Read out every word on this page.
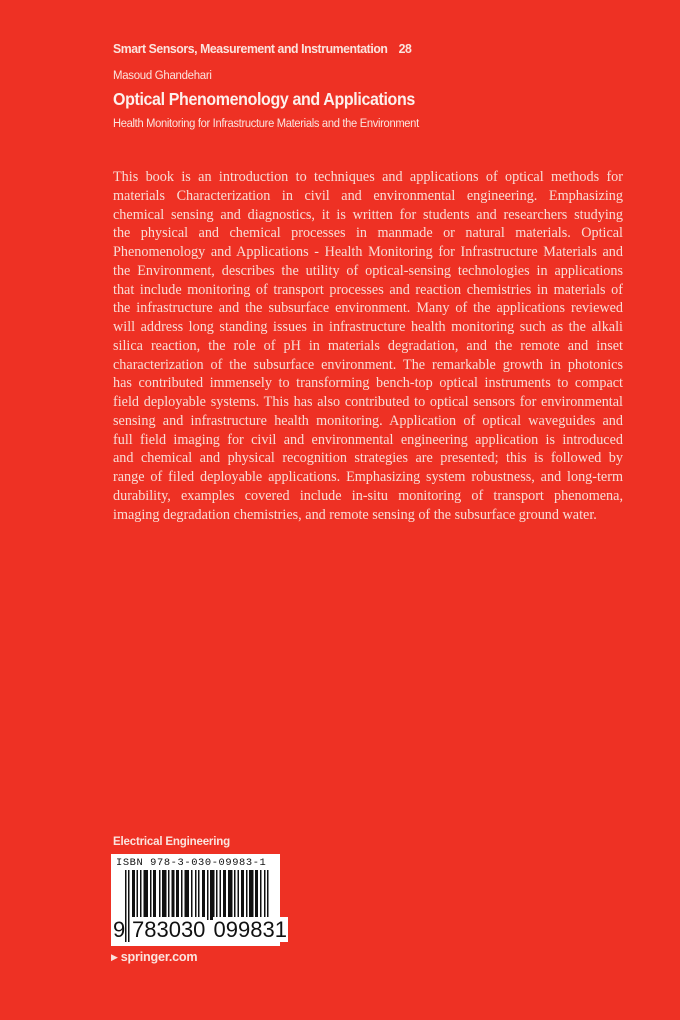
Smart Sensors, Measurement and Instrumentation 28
Masoud Ghandehari
Optical Phenomenology and Applications
Health Monitoring for Infrastructure Materials and the Environment
This book is an introduction to techniques and applications of optical methods for
materials Characterization in civil and environmental engineering. Emphasizing
chemical sensing and diagnostics, it is written for students and researchers studying
the physical and chemical processes in manmade or natural materials. Optical
Phenomenology and Applications - Health Monitoring for Infrastructure Materials and
the Environment, describes the utility of optical-sensing technologies in applications
that include monitoring of transport processes and reaction chemistries in materials of
the infrastructure and the subsurface environment. Many of the applications reviewed
will address long standing issues in infrastructure health monitoring such as the alkali
silica reaction, the role of pH in materials degradation, and the remote and inset
characterization of the subsurface environment. The remarkable growth in photonics
has contributed immensely to transforming bench-top optical instruments to compact
field deployable systems. This has also contributed to optical sensors for environmental
sensing and infrastructure health monitoring. Application of optical waveguides and
full field imaging for civil and environmental engineering application is introduced
and chemical and physical recognition strategies are presented; this is followed by
range of filed deployable applications. Emphasizing system robustness, and long-term
durability, examples covered include in-situ monitoring of transport phenomena,
imaging degradation chemistries, and remote sensing of the subsurface ground water.
Electrical Engineering
ISBN 978-3-030-09983-1
9 783030 099831
▶ springer.com
